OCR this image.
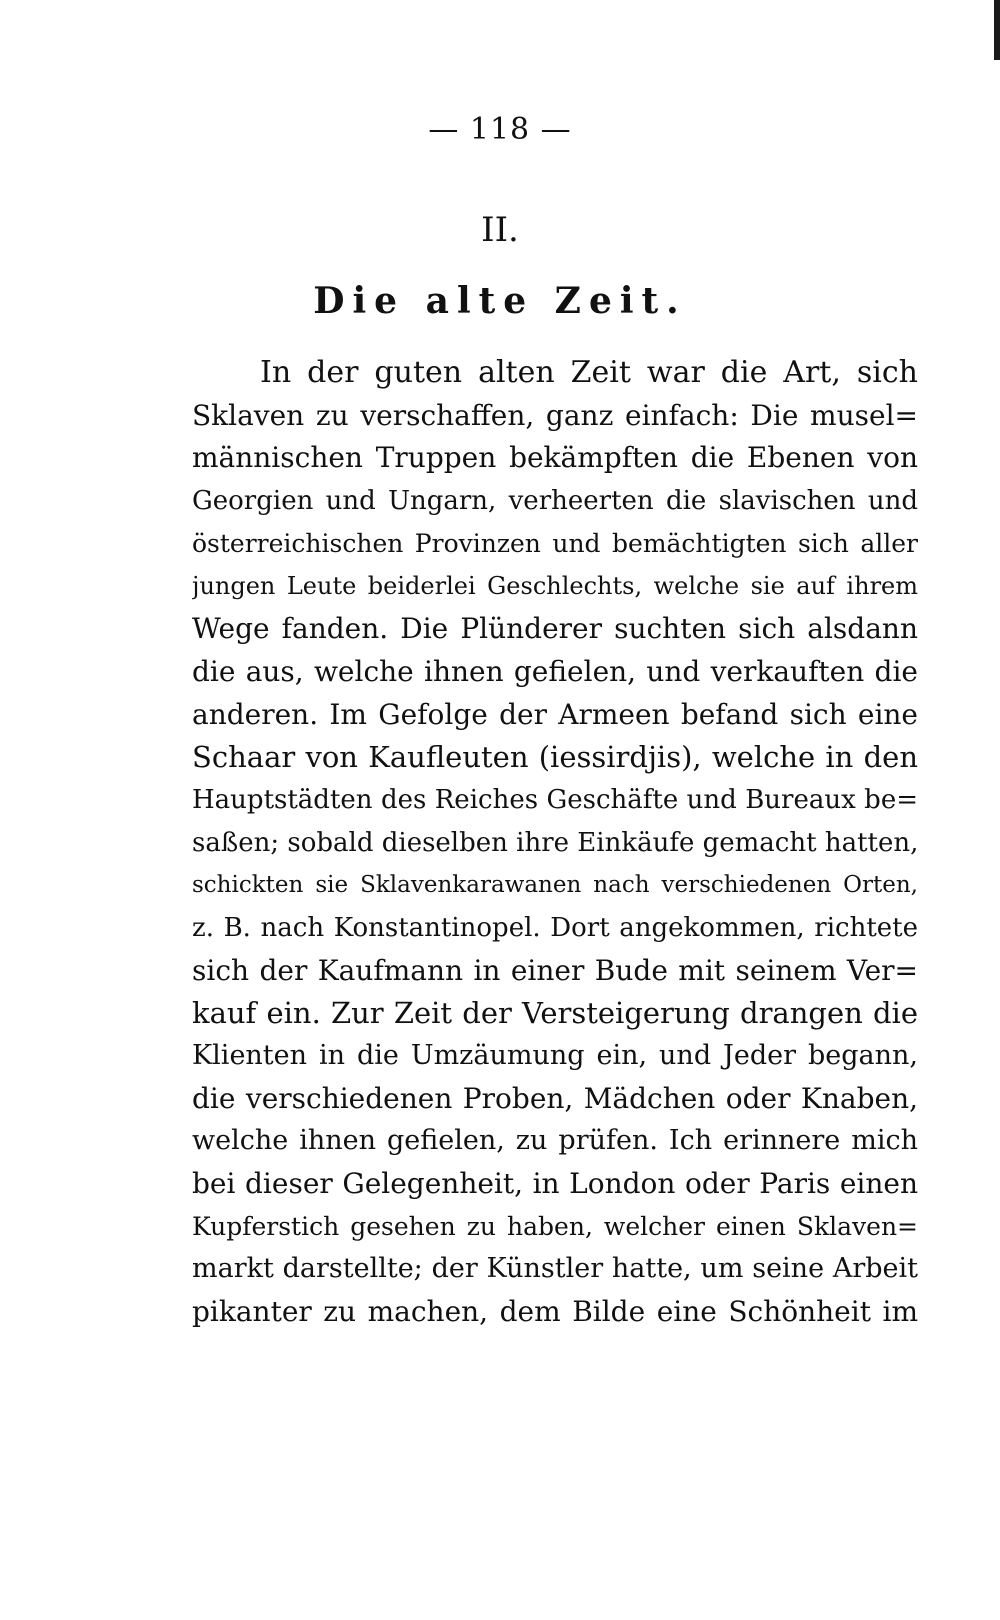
— 118 —
II.
Die alte Zeit.
In der guten alten Zeit war die Art, sich
Sklaven zu verschaffen, ganz einfach: Die musel=
männischen Truppen bekämpften die Ebenen von
Georgien und Ungarn, verheerten die slavischen und
österreichischen Provinzen und bemächtigten sich aller
jungen Leute beiderlei Geschlechts, welche sie auf ihrem
Wege fanden. Die Plünderer suchten sich alsdann
die aus, welche ihnen gefielen, und verkauften die
anderen. Im Gefolge der Armeen befand sich eine
Schaar von Kaufleuten (iessirdjis), welche in den
Hauptstädten des Reiches Geschäfte und Bureaux be=
saßen; sobald dieselben ihre Einkäufe gemacht hatten,
schickten sie Sklavenkarawanen nach verschiedenen Orten,
z. B. nach Konstantinopel. Dort angekommen, richtete
sich der Kaufmann in einer Bude mit seinem Ver=
kauf ein. Zur Zeit der Versteigerung drangen die
Klienten in die Umzäumung ein, und Jeder begann,
die verschiedenen Proben, Mädchen oder Knaben,
welche ihnen gefielen, zu prüfen. Ich erinnere mich
bei dieser Gelegenheit, in London oder Paris einen
Kupferstich gesehen zu haben, welcher einen Sklaven=
markt darstellte; der Künstler hatte, um seine Arbeit
pikanter zu machen, dem Bilde eine Schönheit im
